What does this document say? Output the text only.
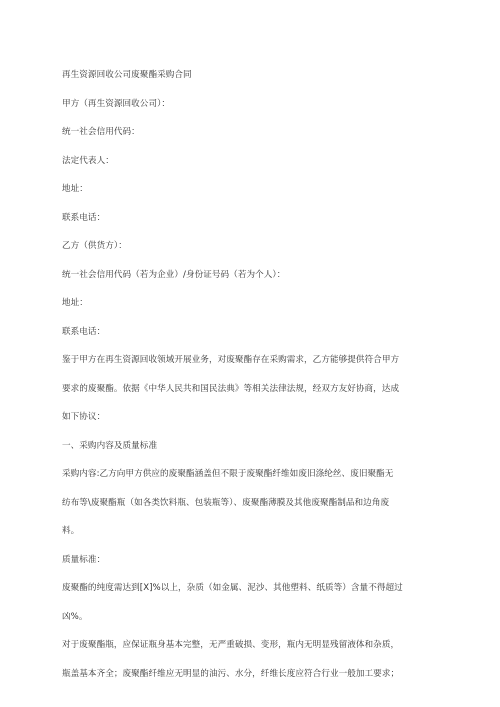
再生资源回收公司废聚酯采购合同
甲方（再生资源回收公司）：
统一社会信用代码：
法定代表人：
地址：
联系电话：
乙方（供货方）：
统一社会信用代码（若为企业）/身份证号码（若为个人）：
地址：
联系电话：
鉴于甲方在再生资源回收领域开展业务，对废聚酯存在采购需求，乙方能够提供符合甲方
要求的废聚酯。依据《中华人民共和国民法典》等相关法律法规，经双方友好协商，达成
如下协议：
一、采购内容及质量标准
采购内容:乙方向甲方供应的废聚酯涵盖但不限于废聚酯纤维如废旧涤纶丝、废旧聚酯无
纺布等\废聚酯瓶（如各类饮料瓶、包装瓶等）、废聚酯薄膜及其他废聚酯制品和边角废
料。
质量标准：
废聚酯的纯度需达到[X]%以上，杂质（如金属、泥沙、其他塑料、纸质等）含量不得超过
凶%。
对于废聚酯瓶，应保证瓶身基本完整，无严重破损、变形，瓶内无明显残留液体和杂质，
瓶盖基本齐全；废聚酯纤维应无明显的油污、水分，纤维长度应符合行业一般加工要求；
